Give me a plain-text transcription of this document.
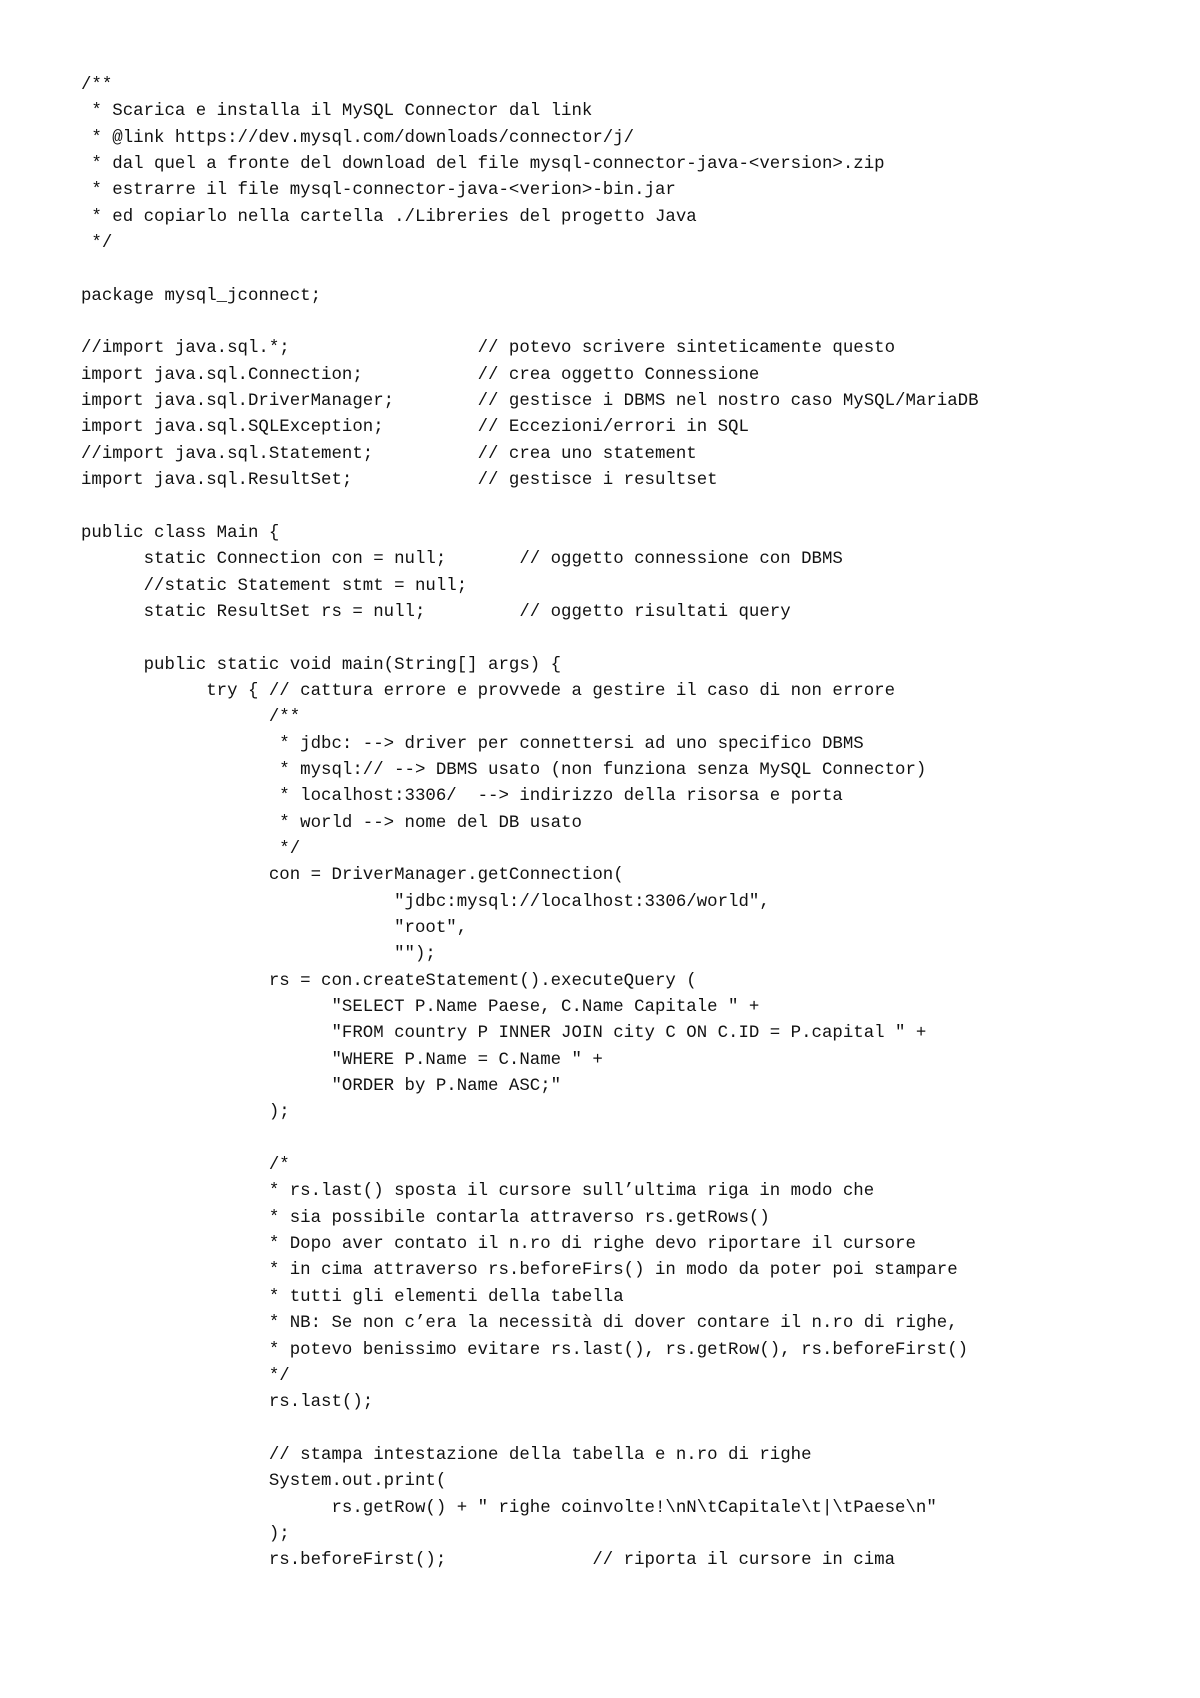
/**
* Scarica e installa il MySQL Connector dal link
* @link https://dev.mysql.com/downloads/connector/j/
* dal quel a fronte del download del file mysql-connector-java-<version>.zip
* estrarre il file mysql-connector-java-<verion>-bin.jar
* ed copiarlo nella cartella ./Libreries del progetto Java
*/
package mysql_jconnect;
//import java.sql.*;                  // potevo scrivere sinteticamente questo
import java.sql.Connection;           // crea oggetto Connessione
import java.sql.DriverManager;        // gestisce i DBMS nel nostro caso MySQL/MariaDB
import java.sql.SQLException;         // Eccezioni/errori in SQL
//import java.sql.Statement;          // crea uno statement
import java.sql.ResultSet;            // gestisce i resultset
public class Main {
static Connection con = null;       // oggetto connessione con DBMS
//static Statement stmt = null;
static ResultSet rs = null;         // oggetto risultati query
public static void main(String[] args) {
try { // cattura errore e provvede a gestire il caso di non errore
/**
* jdbc: --> driver per connettersi ad uno specifico DBMS
* mysql:// --> DBMS usato (non funziona senza MySQL Connector)
* localhost:3306/  --> indirizzo della risorsa e porta
* world --> nome del DB usato
*/
con = DriverManager.getConnection(
"jdbc:mysql://localhost:3306/world",
"root",
"");
rs = con.createStatement().executeQuery (
"SELECT P.Name Paese, C.Name Capitale " +
"FROM country P INNER JOIN city C ON C.ID = P.capital " +
"WHERE P.Name = C.Name " +
"ORDER by P.Name ASC;"
);
/*
* rs.last() sposta il cursore sull’ultima riga in modo che
* sia possibile contarla attraverso rs.getRows()
* Dopo aver contato il n.ro di righe devo riportare il cursore
* in cima attraverso rs.beforeFirs() in modo da poter poi stampare
* tutti gli elementi della tabella
* NB: Se non c’era la necessità di dover contare il n.ro di righe,
* potevo benissimo evitare rs.last(), rs.getRow(), rs.beforeFirst()
*/
rs.last();
// stampa intestazione della tabella e n.ro di righe
System.out.print(
rs.getRow() + " righe coinvolte!\nN\tCapitale\t|\tPaese\n"
);
rs.beforeFirst();              // riporta il cursore in cima
